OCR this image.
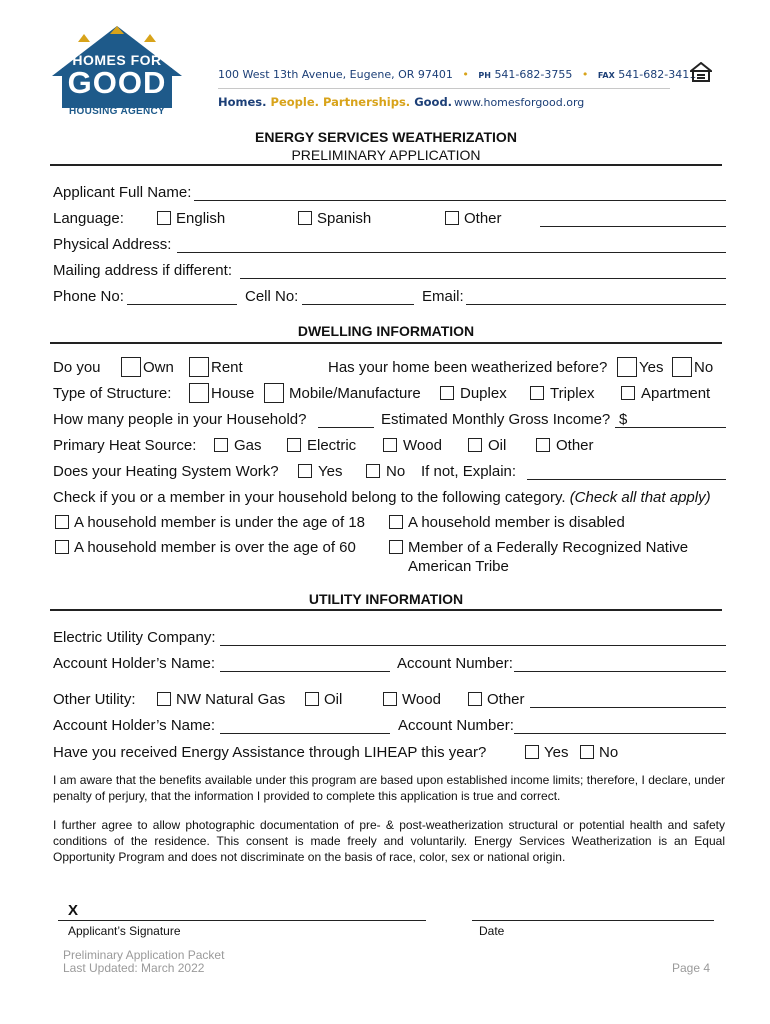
HOMES FOR
GOOD
HOUSING AGENCY
100 West 13th Avenue, Eugene, OR 97401 • PH 541-682-3755 • FAX 541-682-3411
Homes. People. Partnerships. Good. www.homesforgood.org
ENERGY SERVICES WEATHERIZATION
PRELIMINARY APPLICATION
Applicant Full Name:
Language:	English	Spanish	Other
Physical Address:
Mailing address if different:
Phone No:	Cell No:	Email:
DWELLING INFORMATION
Do you	Own Rent	Has your home been weatherized before? Yes No
Type of Structure:	House Mobile/Manufacture	Duplex	Triplex	Apartment
How many people in your Household?	Estimated Monthly Gross Income? $
Primary Heat Source:	Gas	Electric	Wood	Oil	Other
Does your Heating System Work?	Yes	No If not, Explain:
Check if you or a member in your household belong to the following category. (Check all that apply)
A household member is under the age of 18	A household member is disabled
A household member is over the age of 60	Member of a Federally Recognized Native
American Tribe
UTILITY INFORMATION
Electric Utility Company:
Account Holder’s Name:	Account Number:
Other Utility:	NW Natural Gas	Oil	Wood	Other
Account Holder’s Name:	Account Number:
Have you received Energy Assistance through LIHEAP this year?	Yes No
I am aware that the benefits available under this program are based upon established income limits; therefore, I declare, under penalty of perjury, that the information I provided to complete this application is true and correct.
I further agree to allow photographic documentation of pre- & post-weatherization structural or potential health and safety conditions of the residence. This consent is made freely and voluntarily. Energy Services Weatherization is an Equal Opportunity Program and does not discriminate on the basis of race, color, sex or national origin.
X
Applicant’s Signature	Date
Preliminary Application Packet
Last Updated: March 2022	Page 4
